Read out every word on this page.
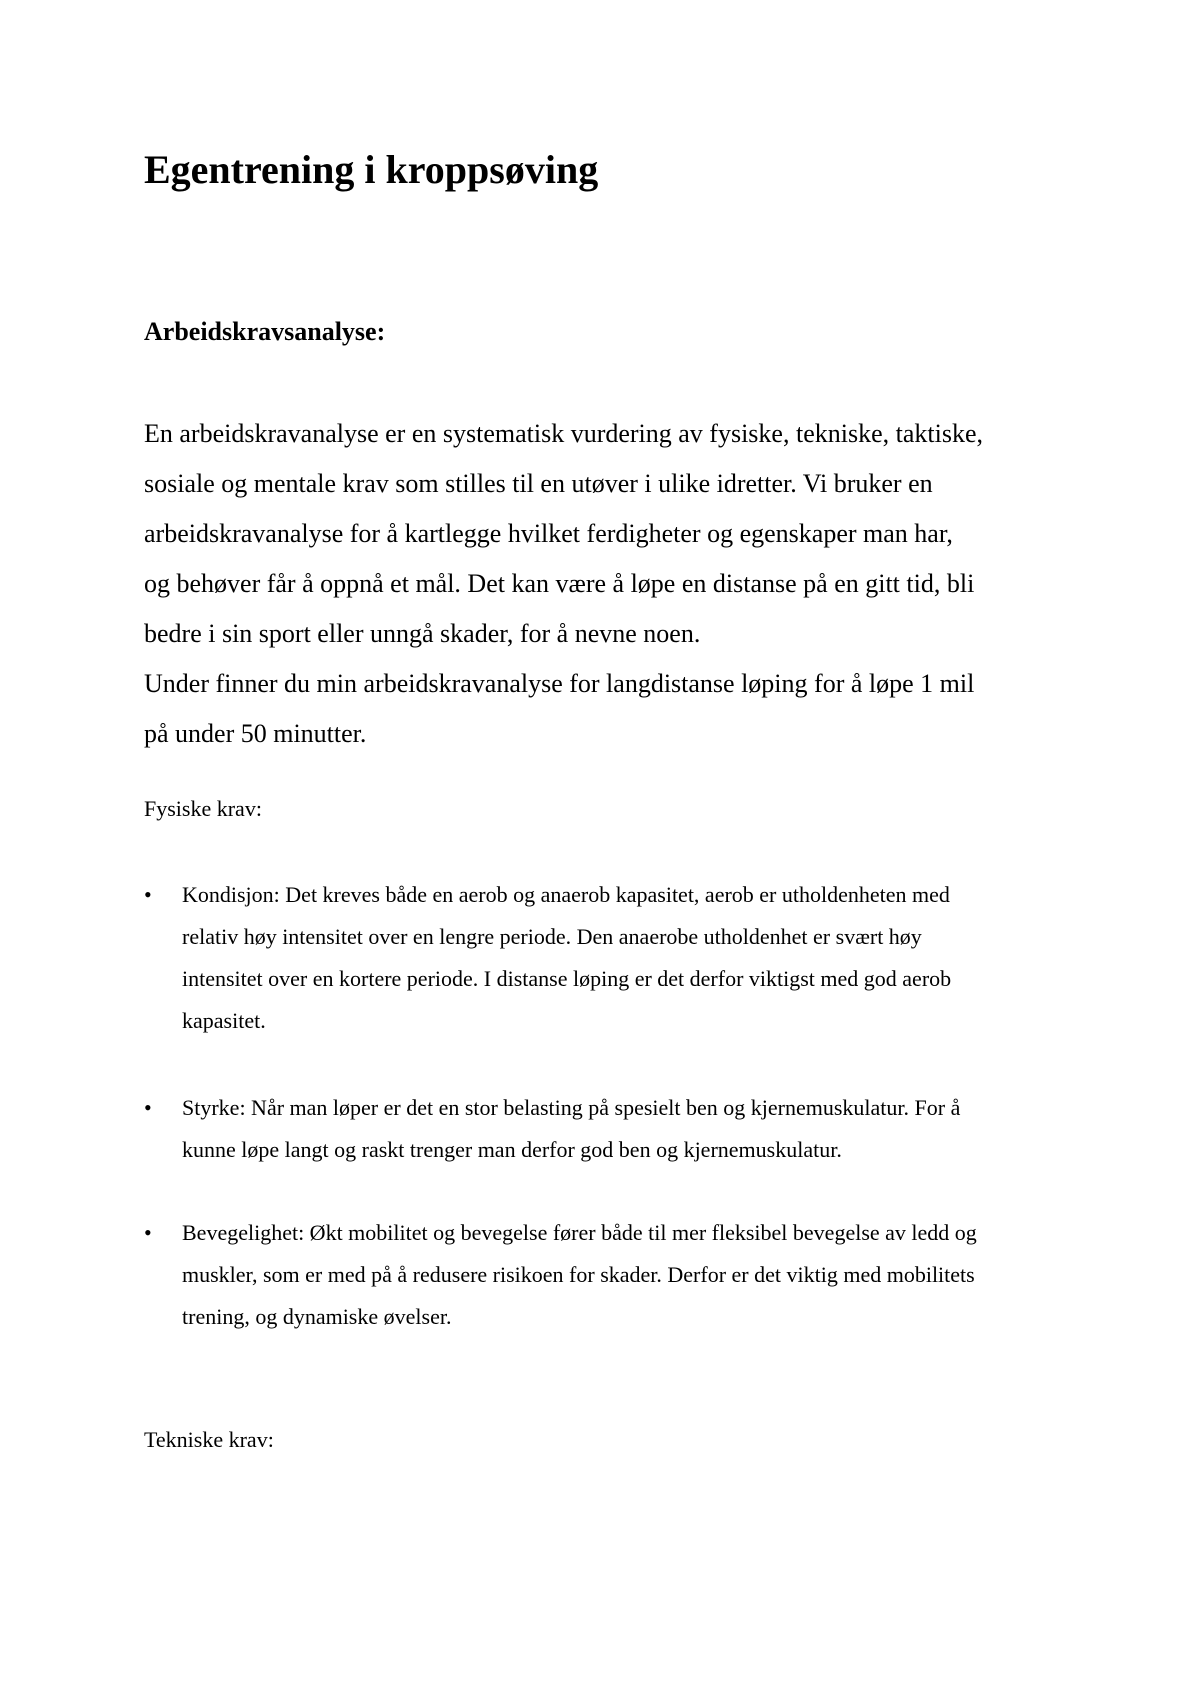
Egentrening i kroppsøving
Arbeidskravsanalyse:

En arbeidskravanalyse er en systematisk vurdering av fysiske, tekniske, taktiske,
sosiale og mentale krav som stilles til en utøver i ulike idretter. Vi bruker en
arbeidskravanalyse for å kartlegge hvilket ferdigheter og egenskaper man har,
og behøver får å oppnå et mål. Det kan være å løpe en distanse på en gitt tid, bli
bedre i sin sport eller unngå skader, for å nevne noen.
Under finner du min arbeidskravanalyse for langdistanse løping for å løpe 1 mil
på under 50 minutter.

Fysiske krav:

•	Kondisjon: Det kreves både en aerob og anaerob kapasitet, aerob er utholdenheten med
relativ høy intensitet over en lengre periode. Den anaerobe utholdenhet er svært høy
intensitet over en kortere periode. I distanse løping er det derfor viktigst med god aerob
kapasitet.
•	Styrke: Når man løper er det en stor belasting på spesielt ben og kjernemuskulatur. For å
kunne løpe langt og raskt trenger man derfor god ben og kjernemuskulatur.
•	Bevegelighet: Økt mobilitet og bevegelse fører både til mer fleksibel bevegelse av ledd og
muskler, som er med på å redusere risikoen for skader. Derfor er det viktig med mobilitets
trening, og dynamiske øvelser.

Tekniske krav:
